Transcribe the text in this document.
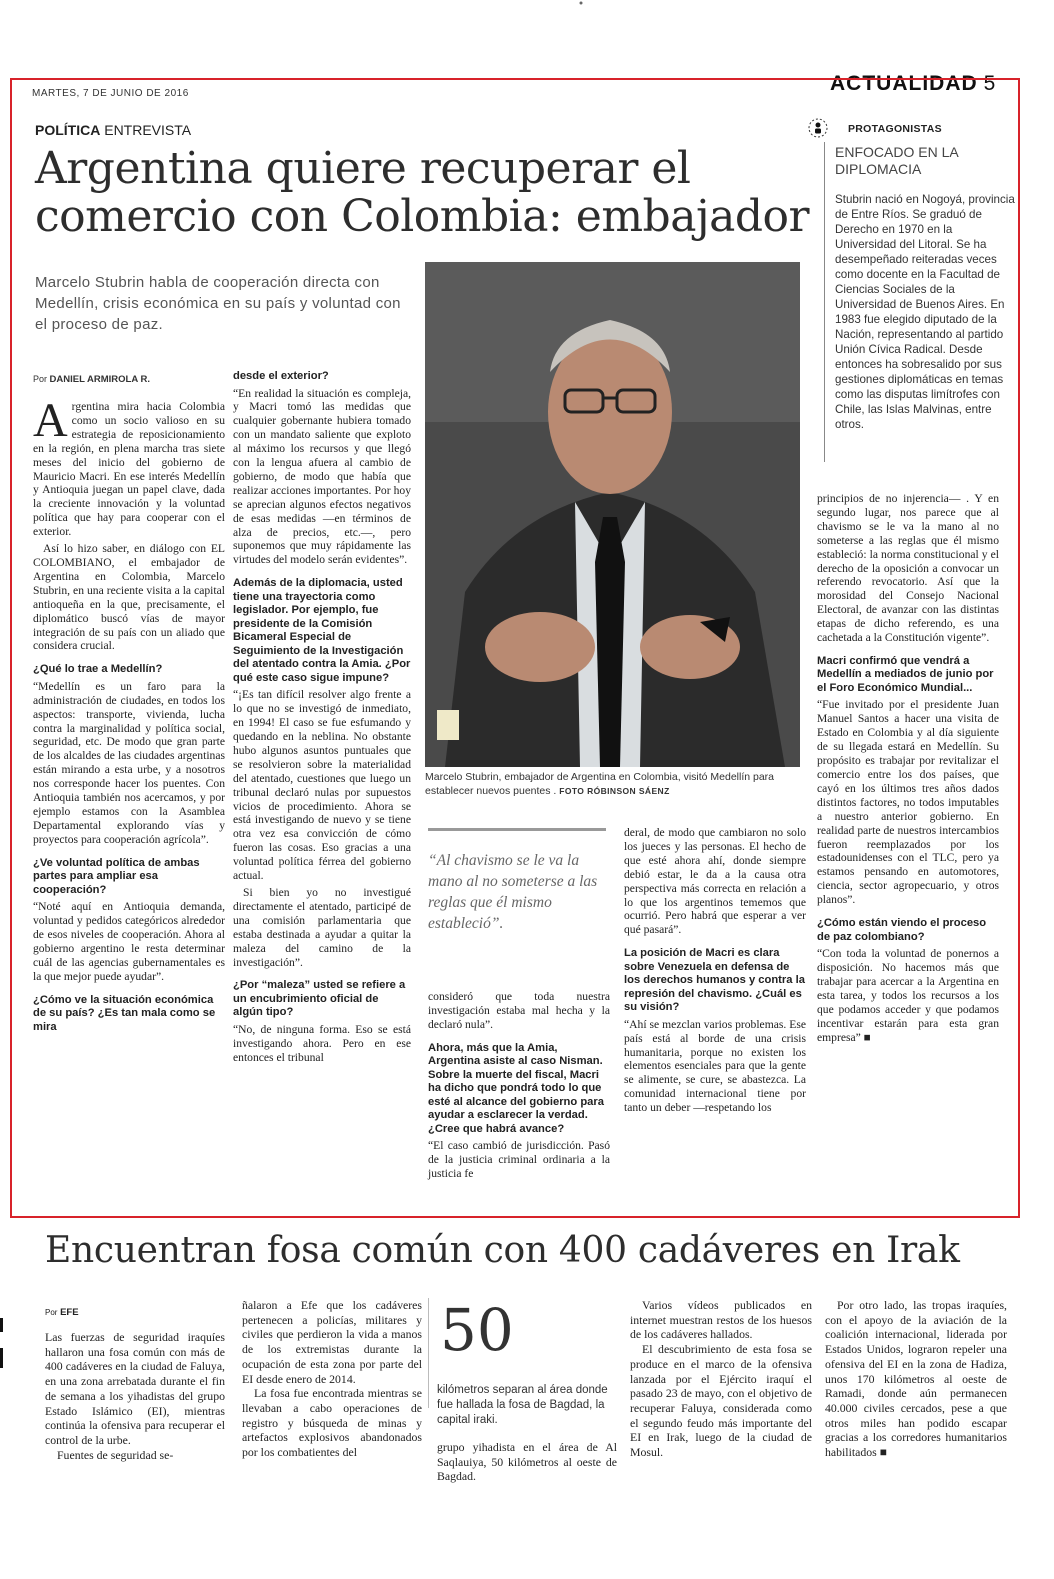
MARTES, 7 DE JUNIO DE 2016	ACTUALIDAD 5
POLÍTICA ENTREVISTA
Argentina quiere recuperar el
comercio con Colombia: embajador
Marcelo Stubrin habla de cooperación directa con Medellín, crisis económica en su país y voluntad con el proceso de paz.
Por DANIEL ARMIROLA R.

Argentina mira hacia Colombia como un socio valioso en su estrategia de reposicionamiento en la región, en plena marcha tras siete meses del inicio del gobierno de Mauricio Macri. En ese interés Medellín y Antioquia juegan un papel clave, dada la creciente innovación y la voluntad política que hay para cooperar con el exterior.

Así lo hizo saber, en diálogo con EL COLOMBIANO, el embajador de Argentina en Colombia, Marcelo Stubrin, en una reciente visita a la capital antioqueña en la que, precisamente, el diplomático buscó vías de mayor integración de su país con un aliado que considera crucial.

¿Qué lo trae a Medellín?

“Medellín es un faro para la administración de ciudades, en todos los aspectos: transporte, vivienda, lucha contra la marginalidad y política social, seguridad, etc. De modo que gran parte de los alcaldes de las ciudades argentinas están mirando a esta urbe, y a nosotros nos corresponde hacer los puentes. Con Antioquia también nos acercamos, y por ejemplo estamos con la Asamblea Departamental explorando vías y proyectos para cooperación agrícola”.

¿Ve voluntad política de ambas partes para ampliar esa cooperación?

“Noté aquí en Antioquia demanda, voluntad y pedidos categóricos alrededor de esos niveles de cooperación. Ahora al gobierno argentino le resta determinar cuál de las agencias gubernamentales es la que mejor puede ayudar”.

¿Cómo ve la situación económica de su país? ¿Es tan mala como se mira

desde el exterior?

“En realidad la situación es compleja, y Macri tomó las medidas que cualquier gobernante hubiera tomado con un mandato saliente que exploto al máximo los recursos y que llegó con la lengua afuera al cambio de gobierno, de modo que había que realizar acciones importantes. Por hoy se aprecian algunos efectos negativos de esas medidas —en términos de alza de precios, etc.—, pero suponemos que muy rápidamente las virtudes del modelo serán evidentes”.

Además de la diplomacia, usted tiene una trayectoria como legislador. Por ejemplo, fue presidente de la Comisión Bicameral Especial de Seguimiento de la Investigación del atentado contra la Amia. ¿Por qué este caso sigue impune?

“¡Es tan difícil resolver algo frente a lo que no se investigó de inmediato, en 1994! El caso se fue esfumando y quedando en la neblina. No obstante hubo algunos asuntos puntuales que se resolvieron sobre la materialidad del atentado, cuestiones que luego un tribunal declaró nulas por supuestos vicios de procedimiento. Ahora se está investigando de nuevo y se tiene otra vez esa convicción de cómo fueron las cosas. Eso gracias a una voluntad política férrea del gobierno actual.

Si bien yo no investigué directamente el atentado, participé de una comisión parlamentaria que estaba destinada a ayudar a quitar la maleza del camino de la investigación”.

¿Por “maleza” usted se refiere a un encubrimiento oficial de algún tipo?

“No, de ninguna forma. Eso se está investigando ahora. Pero en ese entonces el tribunal

Marcelo Stubrin, embajador de Argentina en Colombia, visitó Medellín para establecer nuevos puentes . FOTO RÓBINSON SÁENZ
“Al chavismo se le va la mano al no someterse a las reglas que él mismo estableció”.

consideró que toda nuestra investigación estaba mal hecha y la declaró nula”.

Ahora, más que la Amia, Argentina asiste al caso Nisman. Sobre la muerte del fiscal, Macri ha dicho que pondrá todo lo que esté al alcance del gobierno para ayudar a esclarecer la verdad. ¿Cree que habrá avance?

“El caso cambió de jurisdicción. Pasó de la justicia criminal ordinaria a la justicia fe

deral, de modo que cambiaron no solo los jueces y las personas. El hecho de que esté ahora ahí, donde siempre debió estar, le da a la causa otra perspectiva más correcta en relación a lo que los argentinos tememos que ocurrió. Pero habrá que esperar a ver qué pasará”.

La posición de Macri es clara sobre Venezuela en defensa de los derechos humanos y contra la represión del chavismo. ¿Cuál es su visión?

“Ahí se mezclan varios problemas. Ese país está al borde de una crisis humanitaria, porque no existen los elementos esenciales para que la gente se alimente, se cure, se abastezca. La comunidad internacional tiene por tanto un deber —respetando los

PROTAGONISTAS
ENFOCADO EN LA DIPLOMACIA
Stubrin nació en Nogoyá, provincia de Entre Ríos. Se graduó de Derecho en 1970 en la Universidad del Litoral. Se ha desempeñado reiteradas veces como docente en la Facultad de Ciencias Sociales de la Universidad de Buenos Aires. En 1983 fue elegido diputado de la Nación, representando al partido Unión Cívica Radical. Desde entonces ha sobresalido por sus gestiones diplomáticas en temas como las disputas limítrofes con Chile, las Islas Malvinas, entre otros.

principios de no injerencia— . Y en segundo lugar, nos parece que al chavismo se le va la mano al no someterse a las reglas que él mismo estableció: la norma constitucional y el derecho de la oposición a convocar un referendo revocatorio. Así que la morosidad del Consejo Nacional Electoral, de avanzar con las distintas etapas de dicho referendo, es una cachetada a la Constitución vigente”.

Macri confirmó que vendrá a Medellín a mediados de junio por el Foro Económico Mundial...

“Fue invitado por el presidente Juan Manuel Santos a hacer una visita de Estado en Colombia y al día siguiente de su llegada estará en Medellín. Su propósito es trabajar por revitalizar el comercio entre los dos países, que cayó en los últimos tres años dados distintos factores, no todos imputables a nuestro anterior gobierno. En realidad parte de nuestros intercambios fueron reemplazados por los estadounidenses con el TLC, pero ya estamos pensando en automotores, ciencia, sector agropecuario, y otros planos”.

¿Cómo están viendo el proceso de paz colombiano?

“Con toda la voluntad de ponernos a disposición. No hacemos más que trabajar para acercar a la Argentina en esta tarea, y todos los recursos a los que podamos acceder y que podamos incentivar estarán para esta gran empresa” ■

Encuentran fosa común con 400 cadáveres en Irak
Por EFE

Las fuerzas de seguridad iraquíes hallaron una fosa común con más de 400 cadáveres en la ciudad de Faluya, en una zona arrebatada durante el fin de semana a los yihadistas del grupo Estado Islámico (EI), mientras continúa la ofensiva para recuperar el control de la urbe.

Fuentes de seguridad se-

ñalaron a Efe que los cadáveres pertenecen a policías, militares y civiles que perdieron la vida a manos de los extremistas durante la ocupación de esta zona por parte del EI desde enero de 2014.

La fosa fue encontrada mientras se llevaban a cabo operaciones de registro y búsqueda de minas y artefactos explosivos abandonados por los combatientes del

50
kilómetros separan al área donde fue hallada la fosa de Bagdad, la capital iraki.

grupo yihadista en el área de Al Saqlauiya, 50 kilómetros al oeste de Bagdad.

Varios vídeos publicados en internet muestran restos de los huesos de los cadáveres hallados.

El descubrimiento de esta fosa se produce en el marco de la ofensiva lanzada por el Ejército iraquí el pasado 23 de mayo, con el objetivo de recuperar Faluya, considerada como el segundo feudo más importante del EI en Irak, luego de la ciudad de Mosul.

Por otro lado, las tropas iraquíes, con el apoyo de la aviación de la coalición internacional, liderada por Estados Unidos, lograron repeler una ofensiva del EI en la zona de Hadiza, unos 170 kilómetros al oeste de Ramadi, donde aún permanecen 40.000 civiles cercados, pese a que otros miles han podido escapar gracias a los corredores humanitarios habilitados ■
